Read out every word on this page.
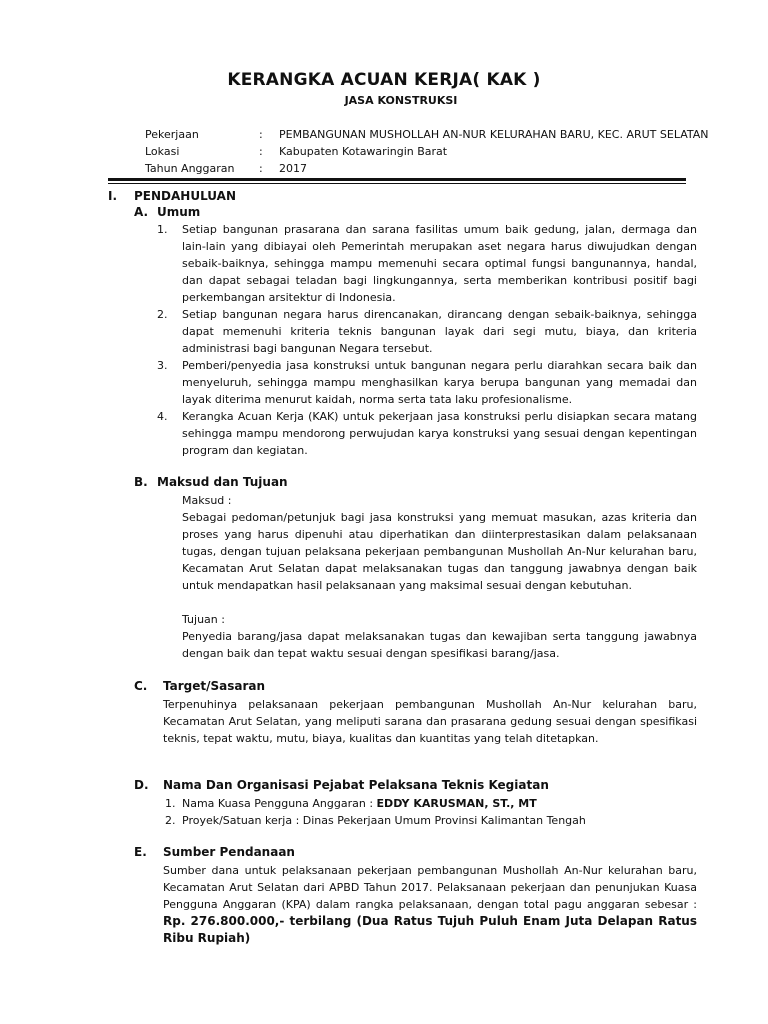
KERANGKA ACUAN KERJA( KAK )
JASA KONSTRUKSI
Pekerjaan	:	PEMBANGUNAN MUSHOLLAH AN-NUR KELURAHAN BARU, KEC. ARUT SELATAN
Lokasi	:	Kabupaten Kotawaringin Barat
Tahun Anggaran	:	2017
I. PENDAHULUAN
A. Umum
1.	Setiap bangunan prasarana dan sarana fasilitas umum baik gedung, jalan, dermaga dan lain-lain yang dibiayai oleh Pemerintah merupakan aset negara harus diwujudkan dengan sebaik-baiknya, sehingga mampu memenuhi secara optimal fungsi bangunannya, handal, dan dapat sebagai teladan bagi lingkungannya, serta memberikan kontribusi positif bagi perkembangan arsitektur di Indonesia.
2.	Setiap bangunan negara harus direncanakan, dirancang dengan sebaik-baiknya, sehingga dapat memenuhi kriteria teknis bangunan layak dari segi mutu, biaya, dan kriteria administrasi bagi bangunan Negara tersebut.
3.	Pemberi/penyedia jasa konstruksi untuk bangunan negara perlu diarahkan secara baik dan menyeluruh, sehingga mampu menghasilkan karya berupa bangunan yang memadai dan layak diterima menurut kaidah, norma serta tata laku profesionalisme.
4.	Kerangka Acuan Kerja (KAK) untuk pekerjaan jasa konstruksi perlu disiapkan secara matang sehingga mampu mendorong perwujudan karya konstruksi yang sesuai dengan kepentingan program dan kegiatan.
B. Maksud dan Tujuan
Maksud :
Sebagai pedoman/petunjuk bagi jasa konstruksi yang memuat masukan, azas kriteria dan proses yang harus dipenuhi atau diperhatikan dan diinterprestasikan dalam pelaksanaan tugas, dengan tujuan pelaksana pekerjaan pembangunan Mushollah An-Nur kelurahan baru, Kecamatan Arut Selatan dapat melaksanakan tugas dan tanggung jawabnya dengan baik untuk mendapatkan hasil pelaksanaan yang maksimal sesuai dengan kebutuhan.
Tujuan :
Penyedia barang/jasa dapat melaksanakan tugas dan kewajiban serta tanggung jawabnya dengan baik dan tepat waktu sesuai dengan spesifikasi barang/jasa.
C. Target/Sasaran
Terpenuhinya pelaksanaan pekerjaan pembangunan Mushollah An-Nur kelurahan baru, Kecamatan Arut Selatan, yang meliputi sarana dan prasarana gedung sesuai dengan spesifikasi teknis, tepat waktu, mutu, biaya, kualitas dan kuantitas yang telah ditetapkan.
D. Nama Dan Organisasi Pejabat Pelaksana Teknis Kegiatan
1. Nama Kuasa Pengguna Anggaran : EDDY KARUSMAN, ST., MT
2. Proyek/Satuan kerja : Dinas Pekerjaan Umum Provinsi Kalimantan Tengah
E. Sumber Pendanaan
Sumber dana untuk pelaksanaan pekerjaan pembangunan Mushollah An-Nur kelurahan baru, Kecamatan Arut Selatan dari APBD Tahun 2017. Pelaksanaan pekerjaan dan penunjukan Kuasa Pengguna Anggaran (KPA) dalam rangka pelaksanaan, dengan total pagu anggaran sebesar : Rp. 276.800.000,- terbilang (Dua Ratus Tujuh Puluh Enam Juta Delapan Ratus Ribu Rupiah)
